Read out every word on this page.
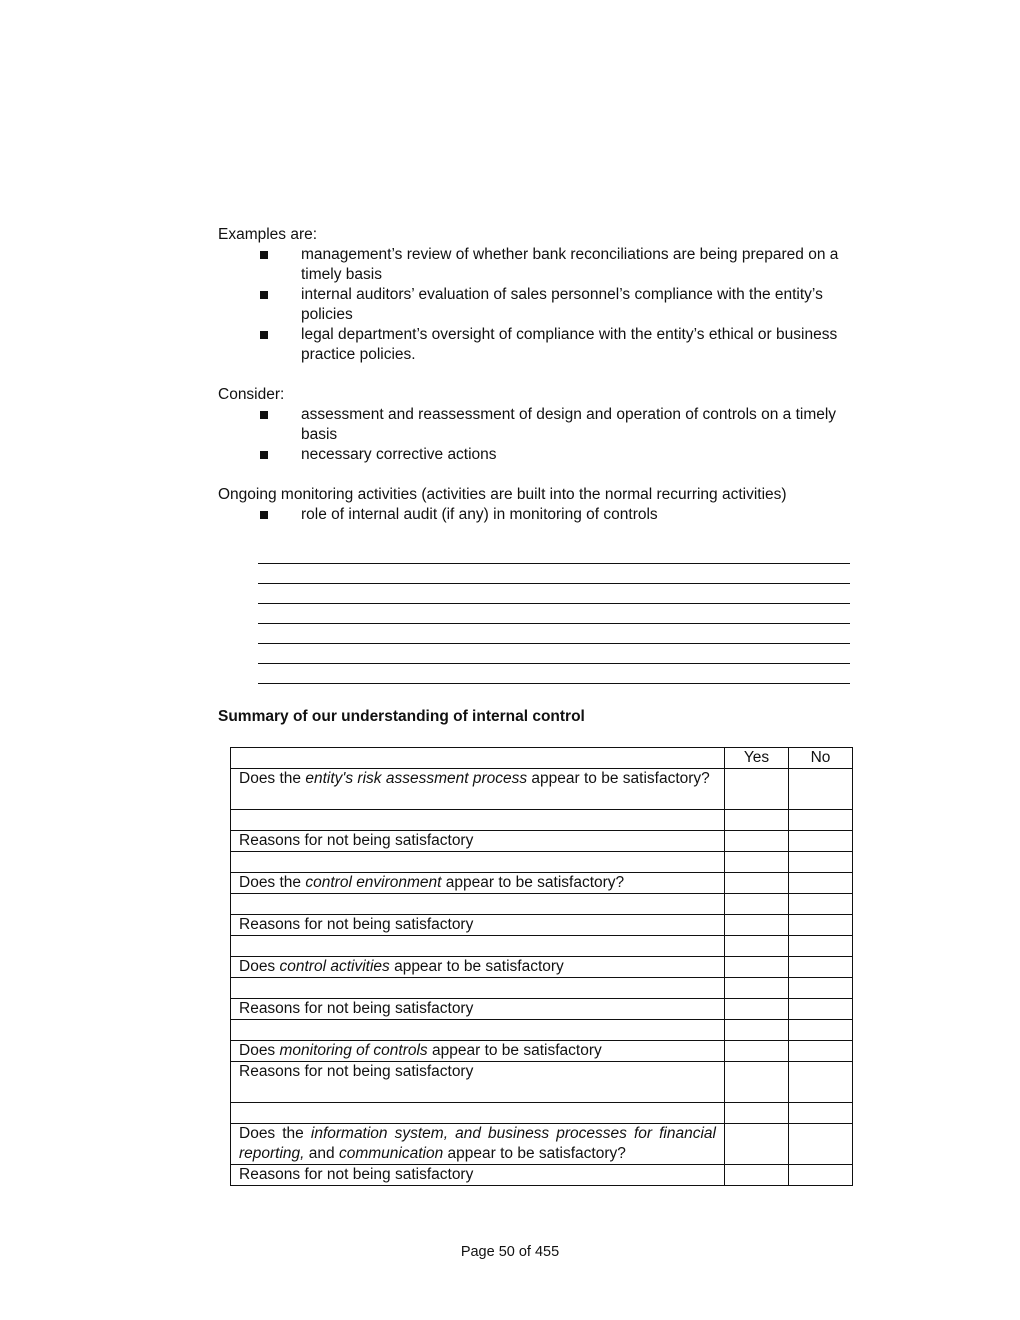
Examples are:

management’s review of whether bank reconciliations are being prepared on a timely basis
internal auditors’ evaluation of sales personnel’s compliance with the entity’s policies
legal department’s oversight of compliance with the entity’s ethical or business practice policies.

Consider:

assessment and reassessment of design and operation of controls on a timely basis
necessary corrective actions

Ongoing monitoring activities (activities are built into the normal recurring activities)

role of internal audit (if any) in monitoring of controls
Summary of our understanding of internal control
	Yes	No
Does the entity's risk assessment process appear to be satisfactory?		

Reasons for not being satisfactory		

Does the control environment appear to be satisfactory?		

Reasons for not being satisfactory		

Does control activities appear to be satisfactory		

Reasons for not being satisfactory		

Does monitoring of controls appear to be satisfactory		
Reasons for not being satisfactory		

Does the information system, and business processes for financial reporting, and communication appear to be satisfactory?		
Reasons for not being satisfactory		
Page 50 of 455
